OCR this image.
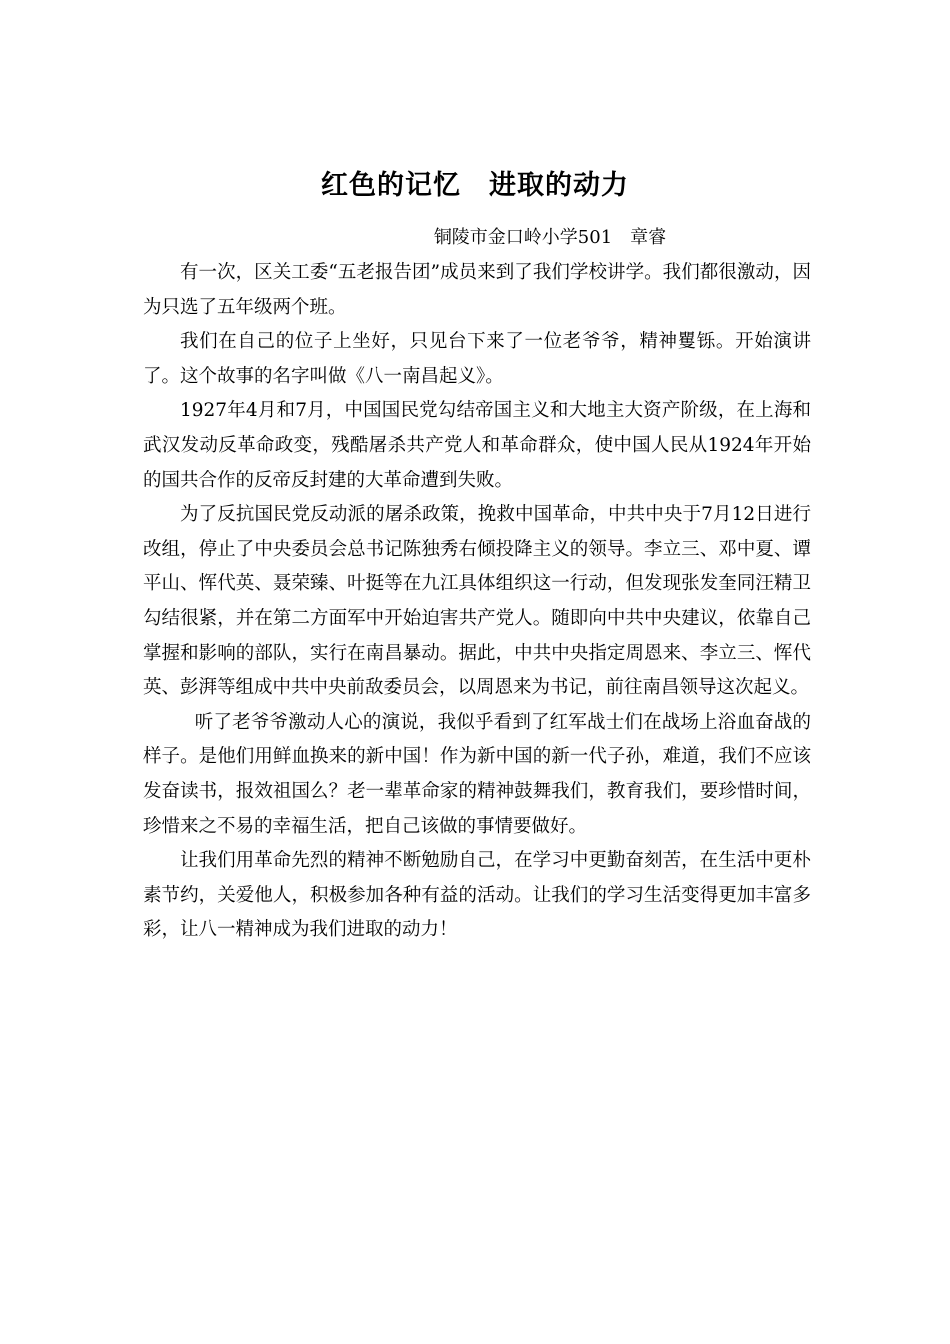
红色的记忆　进取的动力
铜陵市金口岭小学501　章睿

有一次，区关工委“五老报告团”成员来到了我们学校讲学。我们都很激动，因为只选了五年级两个班。

我们在自己的位子上坐好，只见台下来了一位老爷爷，精神矍铄。开始演讲了。这个故事的名字叫做《八一南昌起义》。

1927年4月和7月，中国国民党勾结帝国主义和大地主大资产阶级，在上海和武汉发动反革命政变，残酷屠杀共产党人和革命群众，使中国人民从1924年开始的国共合作的反帝反封建的大革命遭到失败。

为了反抗国民党反动派的屠杀政策，挽救中国革命，中共中央于7月12日进行改组，停止了中央委员会总书记陈独秀右倾投降主义的领导。李立三、邓中夏、谭平山、恽代英、聂荣臻、叶挺等在九江具体组织这一行动，但发现张发奎同汪精卫勾结很紧，并在第二方面军中开始迫害共产党人。随即向中共中央建议，依靠自己掌握和影响的部队，实行在南昌暴动。据此，中共中央指定周恩来、李立三、恽代英、彭湃等组成中共中央前敌委员会，以周恩来为书记，前往南昌领导这次起义。

听了老爷爷激动人心的演说，我似乎看到了红军战士们在战场上浴血奋战的样子。是他们用鲜血换来的新中国！作为新中国的新一代子孙，难道，我们不应该发奋读书，报效祖国么？老一辈革命家的精神鼓舞我们，教育我们，要珍惜时间，珍惜来之不易的幸福生活，把自己该做的事情要做好。

让我们用革命先烈的精神不断勉励自己，在学习中更勤奋刻苦，在生活中更朴素节约，关爱他人，积极参加各种有益的活动。让我们的学习生活变得更加丰富多彩，让八一精神成为我们进取的动力！
